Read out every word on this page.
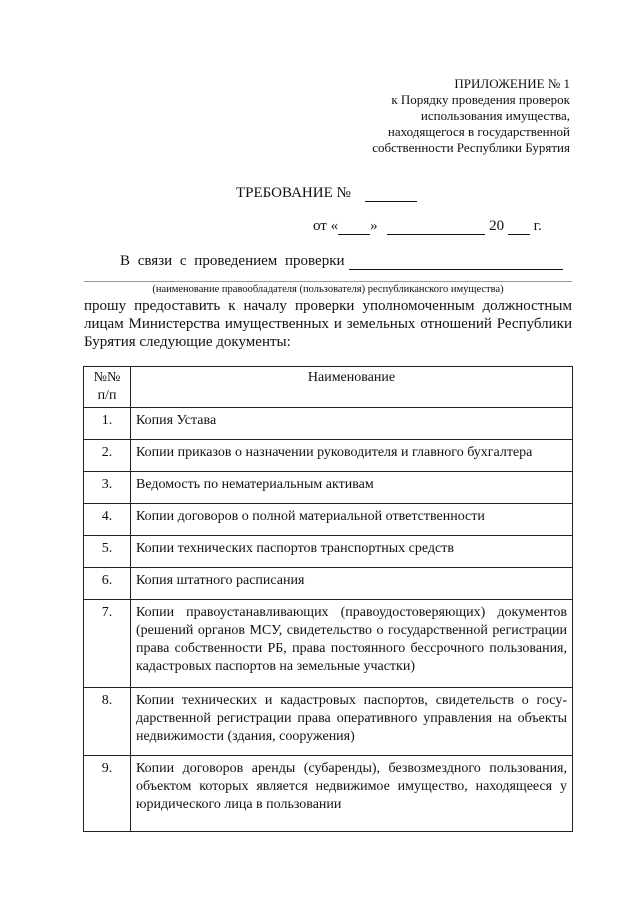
ПРИЛОЖЕНИЕ № 1
к Порядку проведения проверок
использования имущества,
находящегося в государственной
собственности Республики Бурятия
ТРЕБОВАНИЕ №
от « »	20 г.
В связи с проведением проверки
(наименование правообладателя (пользователя) республиканского имущества)
прошу предоставить к началу проверки уполномоченным должностным лицам Министерства имущественных и земельных отношений Республики Бурятия следующие документы:
№№ п/п	Наименование
1.	Копия Устава
2.	Копии приказов о назначении руководителя и главного бухгалтера
3.	Ведомость по нематериальным активам
4.	Копии договоров о полной материальной ответственности
5.	Копии технических паспортов транспортных средств
6.	Копия штатного расписания
7.	Копии правоустанавливающих (правоудостоверяющих) документов (решений органов МСУ, свидетельство о государственной регистрации права собственности РБ, права постоянного бессрочного пользования, кадастровых паспортов на земельные участки)
8.	Копии технических и кадастровых паспортов, свидетельств о государственной регистрации права оперативного управления на объекты недвижимости (здания, сооружения)
9.	Копии договоров аренды (субаренды), безвозмездного пользования, объектом которых является недвижимое имущество, находящееся у юридического лица в пользовании
